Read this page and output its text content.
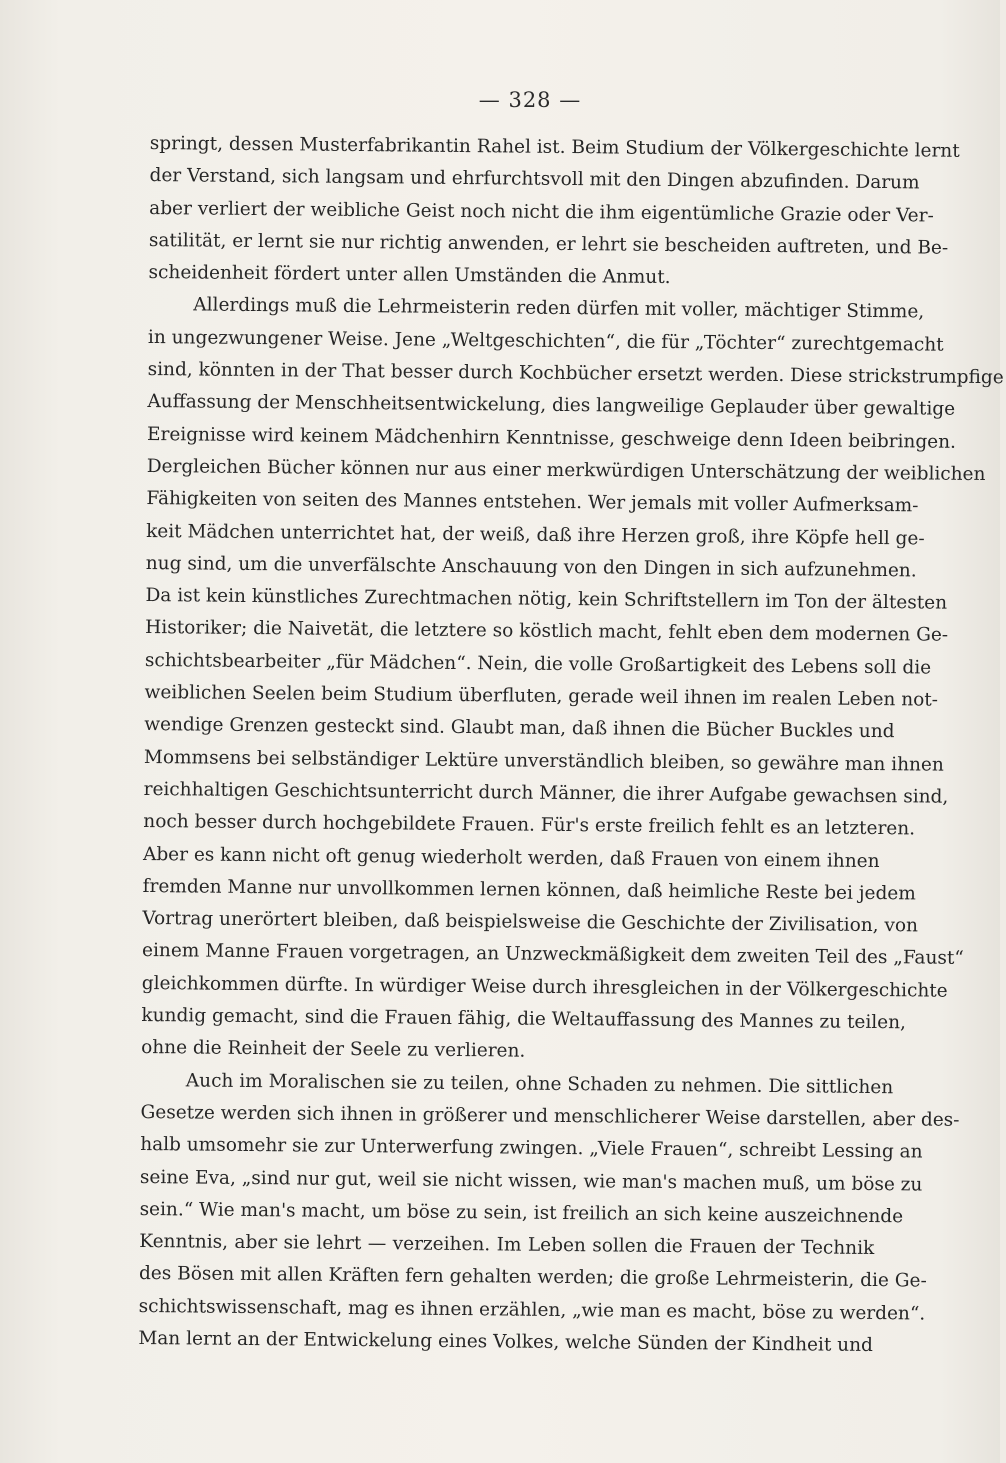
— 328 —
springt, dessen Musterfabrikantin Rahel ist. Beim Studium der Völkergeschichte lernt
der Verstand, sich langsam und ehrfurchtsvoll mit den Dingen abzufinden. Darum
aber verliert der weibliche Geist noch nicht die ihm eigentümliche Grazie oder Ver-
satilität, er lernt sie nur richtig anwenden, er lehrt sie bescheiden auftreten, und Be-
scheidenheit fördert unter allen Umständen die Anmut.
Allerdings muß die Lehrmeisterin reden dürfen mit voller, mächtiger Stimme,
in ungezwungener Weise. Jene „Weltgeschichten“, die für „Töchter“ zurechtgemacht
sind, könnten in der That besser durch Kochbücher ersetzt werden. Diese strickstrumpfige
Auffassung der Menschheitsentwickelung, dies langweilige Geplauder über gewaltige
Ereignisse wird keinem Mädchenhirn Kenntnisse, geschweige denn Ideen beibringen.
Dergleichen Bücher können nur aus einer merkwürdigen Unterschätzung der weiblichen
Fähigkeiten von seiten des Mannes entstehen. Wer jemals mit voller Aufmerksam-
keit Mädchen unterrichtet hat, der weiß, daß ihre Herzen groß, ihre Köpfe hell ge-
nug sind, um die unverfälschte Anschauung von den Dingen in sich aufzunehmen.
Da ist kein künstliches Zurechtmachen nötig, kein Schriftstellern im Ton der ältesten
Historiker; die Naivetät, die letztere so köstlich macht, fehlt eben dem modernen Ge-
schichtsbearbeiter „für Mädchen“. Nein, die volle Großartigkeit des Lebens soll die
weiblichen Seelen beim Studium überfluten, gerade weil ihnen im realen Leben not-
wendige Grenzen gesteckt sind. Glaubt man, daß ihnen die Bücher Buckles und
Mommsens bei selbständiger Lektüre unverständlich bleiben, so gewähre man ihnen
reichhaltigen Geschichtsunterricht durch Männer, die ihrer Aufgabe gewachsen sind,
noch besser durch hochgebildete Frauen. Für's erste freilich fehlt es an letzteren.
Aber es kann nicht oft genug wiederholt werden, daß Frauen von einem ihnen
fremden Manne nur unvollkommen lernen können, daß heimliche Reste bei jedem
Vortrag unerörtert bleiben, daß beispielsweise die Geschichte der Zivilisation, von
einem Manne Frauen vorgetragen, an Unzweckmäßigkeit dem zweiten Teil des „Faust“
gleichkommen dürfte. In würdiger Weise durch ihresgleichen in der Völkergeschichte
kundig gemacht, sind die Frauen fähig, die Weltauffassung des Mannes zu teilen,
ohne die Reinheit der Seele zu verlieren.
Auch im Moralischen sie zu teilen, ohne Schaden zu nehmen. Die sittlichen
Gesetze werden sich ihnen in größerer und menschlicherer Weise darstellen, aber des-
halb umsomehr sie zur Unterwerfung zwingen. „Viele Frauen“, schreibt Lessing an
seine Eva, „sind nur gut, weil sie nicht wissen, wie man's machen muß, um böse zu
sein.“ Wie man's macht, um böse zu sein, ist freilich an sich keine auszeichnende
Kenntnis, aber sie lehrt — verzeihen. Im Leben sollen die Frauen der Technik
des Bösen mit allen Kräften fern gehalten werden; die große Lehrmeisterin, die Ge-
schichtswissenschaft, mag es ihnen erzählen, „wie man es macht, böse zu werden“.
Man lernt an der Entwickelung eines Volkes, welche Sünden der Kindheit und
